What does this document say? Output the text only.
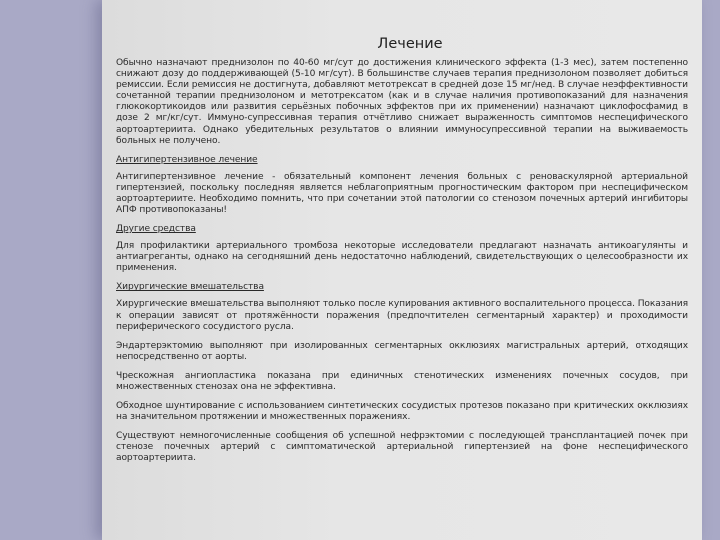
Лечение

Обычно назначают преднизолон по 40-60 мг/сут до достижения клинического эффекта (1-3 мес), затем постепенно снижают дозу до поддерживающей (5-10 мг/сут). В большинстве случаев терапия преднизолоном позволяет добиться ремиссии. Если ремиссия не достигнута, добавляют метотрексат в средней дозе 15 мг/нед. В случае неэффективности сочетанной терапии преднизолоном и метотрексатом (как и в случае наличия противопоказаний для назначения глюкокортикоидов или развития серьёзных побочных эффектов при их применении) назначают циклофосфамид в дозе 2 мг/кг/сут. Иммуно-супрессивная терапия отчётливо снижает выраженность симптомов неспецифического аортоартериита. Однако убедительных результатов о влиянии иммуносупрессивной терапии на выживаемость больных не получено.

Антигипертензивное лечение

Антигипертензивное лечение - обязательный компонент лечения больных с реноваскулярной артериальной гипертензией, поскольку последняя является неблагоприятным прогностическим фактором при неспецифическом аортоартериите. Необходимо помнить, что при сочетании этой патологии со стенозом почечных артерий ингибиторы АПФ противопоказаны!

Другие средства

Для профилактики артериального тромбоза некоторые исследователи предлагают назначать антикоагулянты и антиагреганты, однако на сегодняшний день недостаточно наблюдений, свидетельствующих о целесообразности их применения.

Хирургические вмешательства

Хирургические вмешательства выполняют только после купирования активного воспалительного процесса. Показания к операции зависят от протяжённости поражения (предпочтителен сегментарный характер) и проходимости периферического сосудистого русла.

Эндартерэктомию выполняют при изолированных сегментарных окклюзиях магистральных артерий, отходящих непосредственно от аорты.

Чрескожная ангиопластика показана при единичных стенотических изменениях почечных сосудов, при множественных стенозах она не эффективна.

Обходное шунтирование с использованием синтетических сосудистых протезов показано при критических окклюзиях на значительном протяжении и множественных поражениях.

Существуют немногочисленные сообщения об успешной нефрэктомии с последующей трансплантацией почек при стенозе почечных артерий с симптоматической артериальной гипертензией на фоне неспецифического аортоартериита.
